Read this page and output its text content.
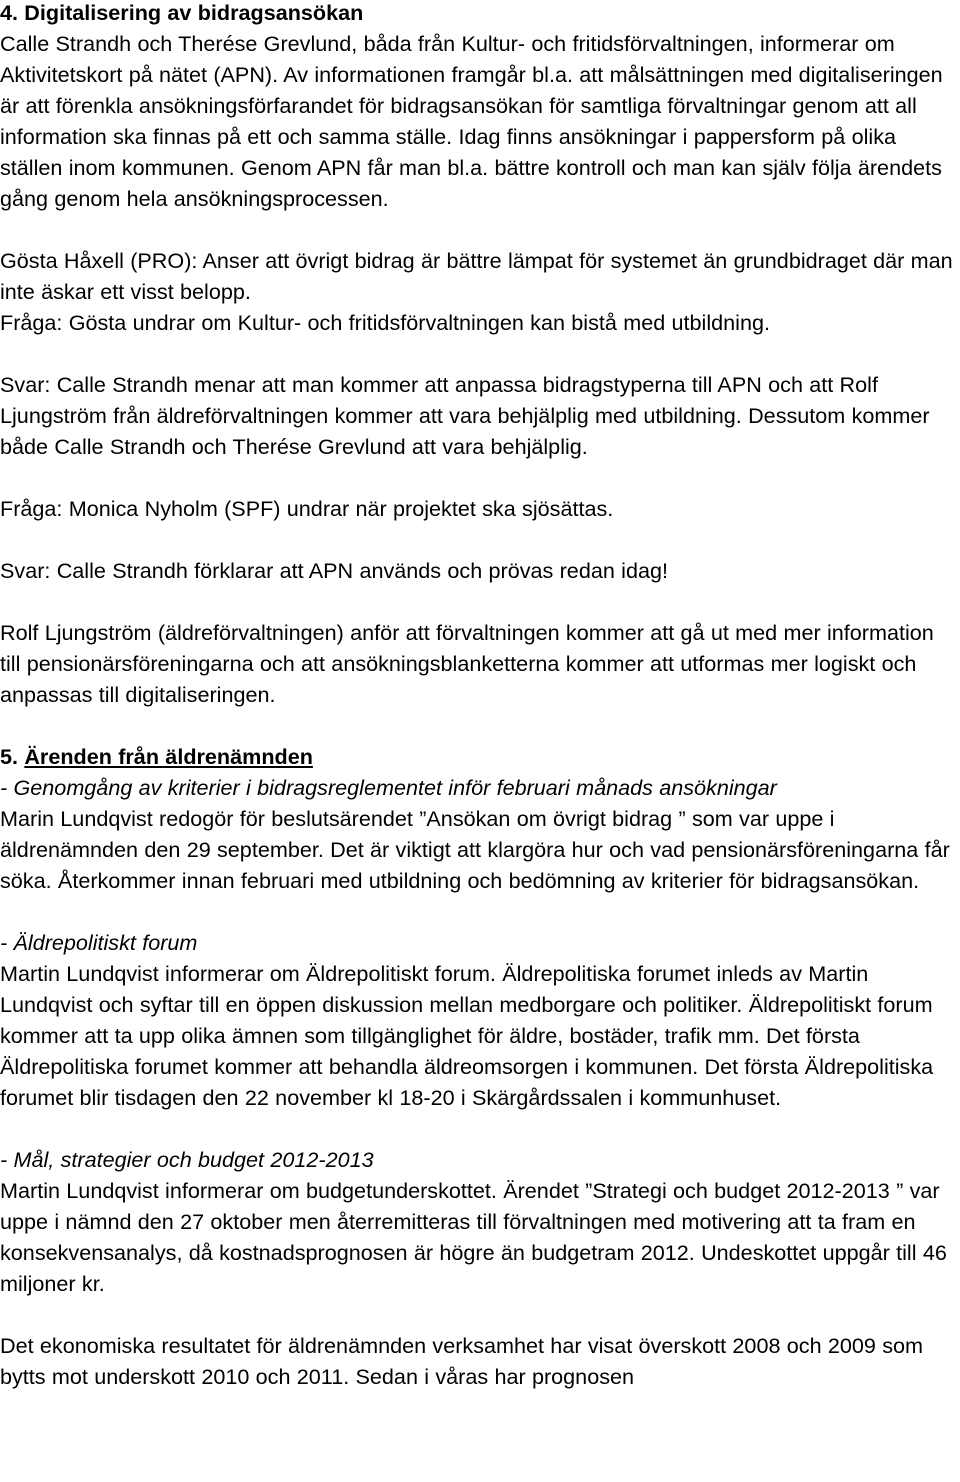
4. Digitalisering av bidragsansökan

Calle Strandh och Therése Grevlund, båda från Kultur- och fritidsförvaltningen, informerar om Aktivitetskort på nätet (APN). Av informationen framgår bl.a. att målsättningen med digitaliseringen är att förenkla ansökningsförfarandet för bidragsansökan för samtliga förvaltningar genom att all information ska finnas på ett och samma ställe. Idag finns ansökningar i pappersform på olika ställen inom kommunen. Genom APN får man bl.a. bättre kontroll och man kan själv följa ärendets gång genom hela ansökningsprocessen.

Gösta Håxell (PRO): Anser att övrigt bidrag är bättre lämpat för systemet än grundbidraget där man inte äskar ett visst belopp.

Fråga: Gösta undrar om Kultur- och fritidsförvaltningen kan bistå med utbildning.

Svar: Calle Strandh menar att man kommer att anpassa bidragstyperna till APN och att Rolf Ljungström från äldreförvaltningen kommer att vara behjälplig med utbildning. Dessutom kommer både Calle Strandh och Therése Grevlund att vara behjälplig.

Fråga: Monica Nyholm (SPF) undrar när projektet ska sjösättas.

Svar: Calle Strandh förklarar att APN används och prövas redan idag!

Rolf Ljungström (äldreförvaltningen) anför att förvaltningen kommer att gå ut med mer information till pensionärsföreningarna och att ansökningsblanketterna kommer att utformas mer logiskt och anpassas till digitaliseringen.

5. Ärenden från äldrenämnden

- Genomgång av kriterier i bidragsreglementet inför februari månads ansökningar

Marin Lundqvist redogör för beslutsärendet ”Ansökan om övrigt bidrag ” som var uppe i äldrenämnden den 29 september. Det är viktigt att klargöra hur och vad pensionärsföreningarna får söka. Återkommer innan februari med utbildning och bedömning av kriterier för bidragsansökan.

- Äldrepolitiskt forum

Martin Lundqvist informerar om Äldrepolitiskt forum. Äldrepolitiska forumet inleds av Martin Lundqvist och syftar till en öppen diskussion mellan medborgare och politiker. Äldrepolitiskt forum kommer att ta upp olika ämnen som tillgänglighet för äldre, bostäder, trafik mm. Det första Äldrepolitiska forumet kommer att behandla äldreomsorgen i kommunen. Det första Äldrepolitiska forumet blir tisdagen den 22 november kl 18-20 i Skärgårdssalen i kommunhuset.

- Mål, strategier och budget 2012-2013

Martin Lundqvist informerar om budgetunderskottet. Ärendet ”Strategi och budget 2012-2013 ” var uppe i nämnd den 27 oktober men återremitteras till förvaltningen med motivering att ta fram en konsekvensanalys, då kostnadsprognosen är högre än budgetram 2012. Undeskottet uppgår till 46 miljoner kr.

Det ekonomiska resultatet för äldrenämnden verksamhet har visat överskott 2008 och 2009 som bytts mot underskott 2010 och 2011. Sedan i våras har prognosen
